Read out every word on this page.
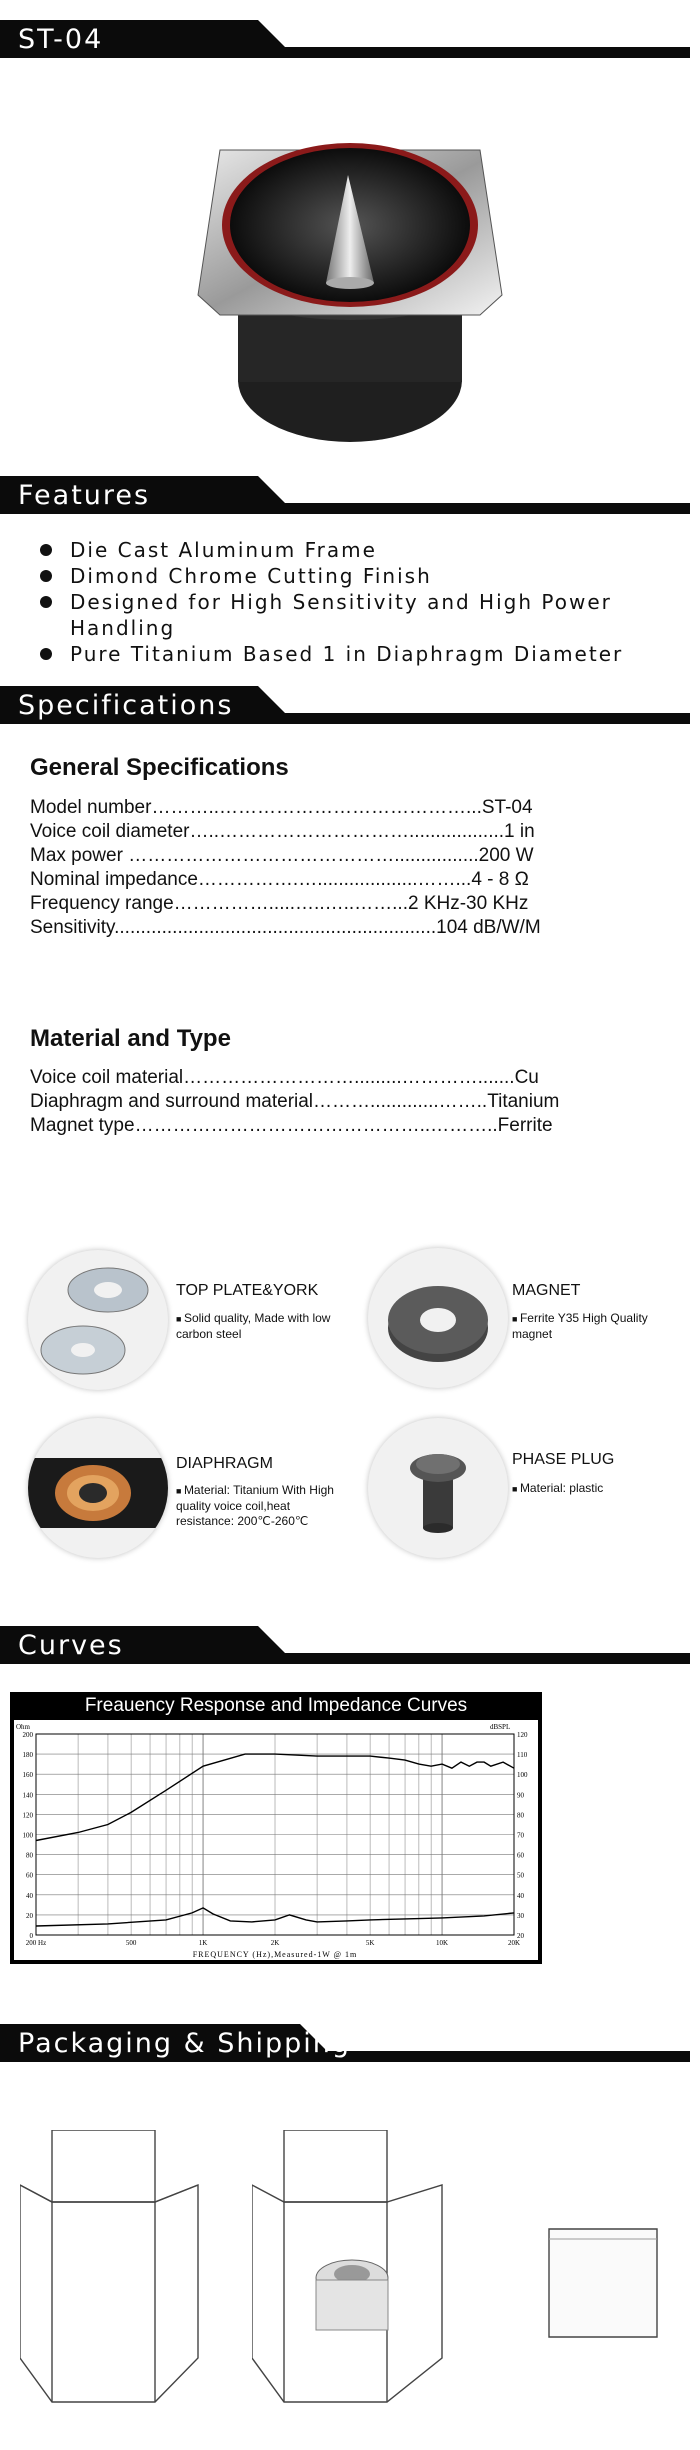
ST-04
Features
Die Cast Aluminum Frame
Dimond Chrome Cutting Finish
Designed for High Sensitivity and High Power Handling
Pure Titanium Based 1 in Diaphragm Diameter
Specifications
General Specifications
Model number………..…………………………………...ST-04
Voice coil diameter…..…………………………..................1 in
Max power ……………………………………................200 W
Nominal impedance…………….…...................……...4 - 8 Ω
Frequency range…………….....…..…..……...2 KHz-30 KHz
Sensitivity.............................................................104 dB/W/M
Material and Type
Voice coil material……………………….........………….......Cu
Diaphragm and surround material……….............……..Titanium
Magnet type………………………………………..………..Ferrite
TOP PLATE&YORK
■ Solid quality, Made with low carbon steel
MAGNET
■ Ferrite Y35 High Quality magnet
DIAPHRAGM
■ Material: Titanium With High quality voice coil,heat resistance: 200℃-260℃
PHASE PLUG
■ Material: plastic
Curves
Freauency Response and Impedance Curves
200
180
160
140
120
100
80
60
40
20
0
120
110
100
90
80
70
60
50
40
30
20
Ohm	dBSPL
200 Hz	500	1K	2K	5K	10K	20K
FREQUENCY (Hz),Measured-1W @ 1m
Packaging & Shipping
